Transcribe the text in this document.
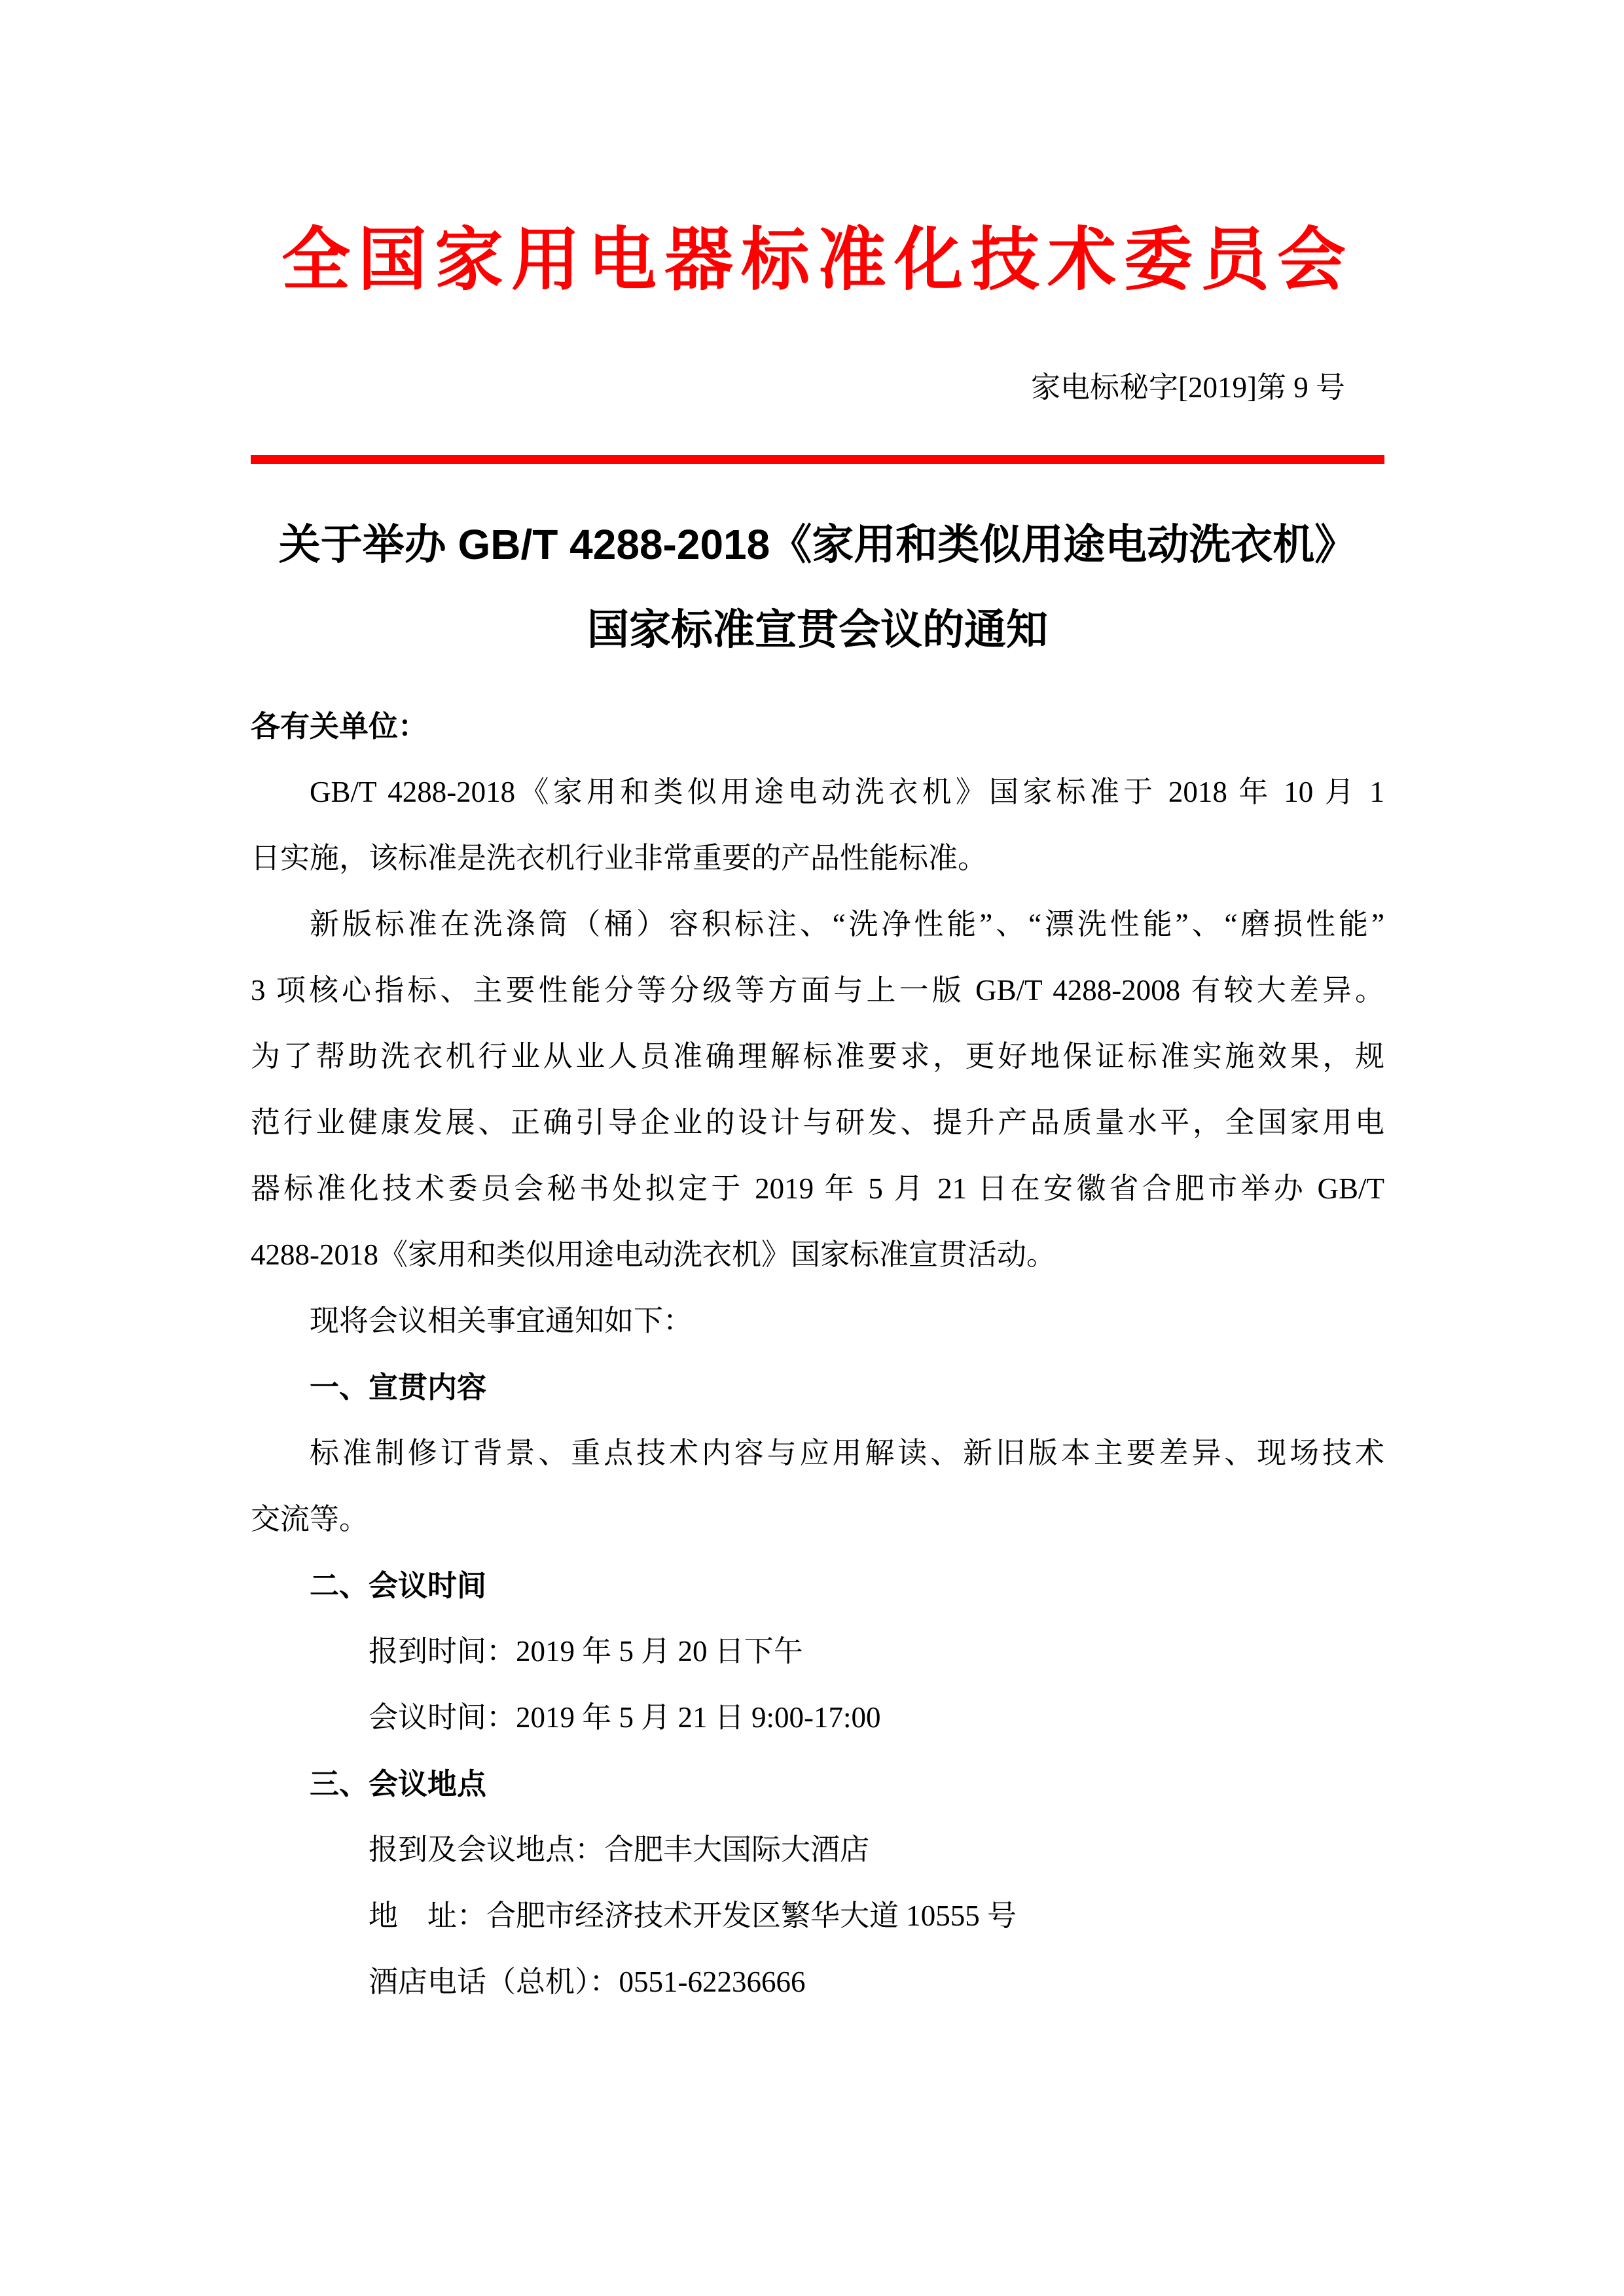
全国家用电器标准化技术委员会
家电标秘字[2019]第 9 号
关于举办 GB/T 4288-2018《家用和类似用途电动洗衣机》
国家标准宣贯会议的通知
各有关单位：
GB/T 4288-2018《家用和类似用途电动洗衣机》国家标准于 2018 年 10 月 1
日实施，该标准是洗衣机行业非常重要的产品性能标准。
新版标准在洗涤筒（桶）容积标注、“洗净性能”、“漂洗性能”、“磨损性能”
3 项核心指标、主要性能分等分级等方面与上一版 GB/T 4288-2008 有较大差异。
为了帮助洗衣机行业从业人员准确理解标准要求，更好地保证标准实施效果，规
范行业健康发展、正确引导企业的设计与研发、提升产品质量水平，全国家用电
器标准化技术委员会秘书处拟定于 2019 年 5 月 21 日在安徽省合肥市举办 GB/T
4288-2018《家用和类似用途电动洗衣机》国家标准宣贯活动。
现将会议相关事宜通知如下：
一、宣贯内容
标准制修订背景、重点技术内容与应用解读、新旧版本主要差异、现场技术
交流等。
二、会议时间
报到时间：2019 年 5 月 20 日下午
会议时间：2019 年 5 月 21 日 9:00-17:00
三、会议地点
报到及会议地点：合肥丰大国际大酒店
地　址：合肥市经济技术开发区繁华大道 10555 号
酒店电话（总机）：0551-62236666
